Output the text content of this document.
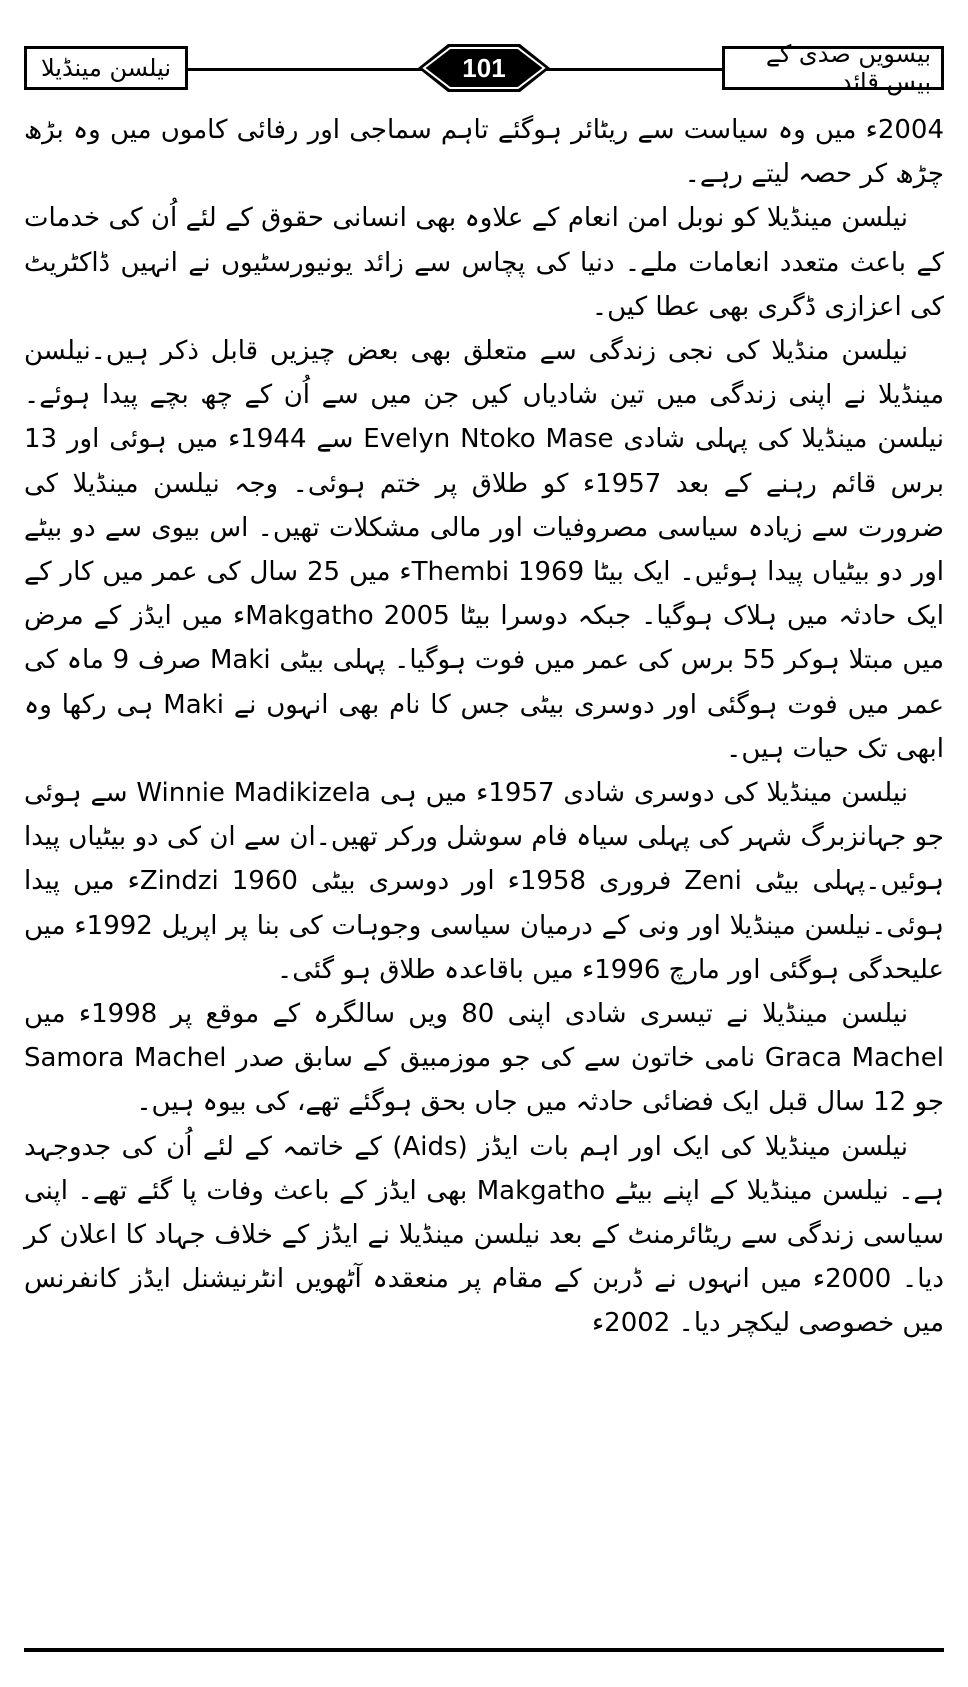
بیسویں صدی کے بیس قائد
101
نیلسن مینڈیلا

2004ء میں وہ سیاست سے ریٹائر ہوگئے تاہم سماجی اور رفائی کاموں میں وہ بڑھ چڑھ کر حصہ لیتے رہے۔

نیلسن مینڈیلا کو نوبل امن انعام کے علاوہ بھی انسانی حقوق کے لئے اُن کی خدمات کے باعث متعدد انعامات ملے۔ دنیا کی پچاس سے زائد یونیورسٹیوں نے انہیں ڈاکٹریٹ کی اعزازی ڈگری بھی عطا کیں۔

نیلسن منڈیلا کی نجی زندگی سے متعلق بھی بعض چیزیں قابل ذکر ہیں۔نیلسن مینڈیلا نے اپنی زندگی میں تین شادیاں کیں جن میں سے اُن کے چھ بچے پیدا ہوئے۔نیلسن مینڈیلا کی پہلی شادی Evelyn Ntoko Mase سے 1944ء میں ہوئی اور 13 برس قائم رہنے کے بعد 1957ء کو طلاق پر ختم ہوئی۔ وجہ نیلسن مینڈیلا کی ضرورت سے زیادہ سیاسی مصروفیات اور مالی مشکلات تھیں۔ اس بیوی سے دو بیٹے اور دو بیٹیاں پیدا ہوئیں۔ ایک بیٹا Thembi 1969ء میں 25 سال کی عمر میں کار کے ایک حادثہ میں ہلاک ہوگیا۔ جبکہ دوسرا بیٹا Makgatho 2005ء میں ایڈز کے مرض میں مبتلا ہوکر 55 برس کی عمر میں فوت ہوگیا۔ پہلی بیٹی Maki صرف 9 ماہ کی عمر میں فوت ہوگئی اور دوسری بیٹی جس کا نام بھی انہوں نے Maki ہی رکھا وہ ابھی تک حیات ہیں۔

نیلسن مینڈیلا کی دوسری شادی 1957ء میں ہی Winnie Madikizela سے ہوئی جو جہانزبرگ شہر کی پہلی سیاہ فام سوشل ورکر تھیں۔ان سے ان کی دو بیٹیاں پیدا ہوئیں۔پہلی بیٹی Zeni فروری 1958ء اور دوسری بیٹی Zindzi 1960ء میں پیدا ہوئی۔نیلسن مینڈیلا اور ونی کے درمیان سیاسی وجوہات کی بنا پر اپریل 1992ء میں علیحدگی ہوگئی اور مارچ 1996ء میں باقاعدہ طلاق ہو گئی۔

نیلسن مینڈیلا نے تیسری شادی اپنی 80 ویں سالگرہ کے موقع پر 1998ء میں Graca Machel نامی خاتون سے کی جو موزمبیق کے سابق صدر Samora Machel جو 12 سال قبل ایک فضائی حادثہ میں جاں بحق ہوگئے تھے، کی بیوہ ہیں۔

نیلسن مینڈیلا کی ایک اور اہم بات ایڈز (Aids) کے خاتمہ کے لئے اُن کی جدوجہد ہے۔ نیلسن مینڈیلا کے اپنے بیٹے Makgatho بھی ایڈز کے باعث وفات پا گئے تھے۔ اپنی سیاسی زندگی سے ریٹائرمنٹ کے بعد نیلسن مینڈیلا نے ایڈز کے خلاف جہاد کا اعلان کر دیا۔ 2000ء میں انہوں نے ڈربن کے مقام پر منعقدہ آٹھویں انٹرنیشنل ایڈز کانفرنس میں خصوصی لیکچر دیا۔ 2002ء
